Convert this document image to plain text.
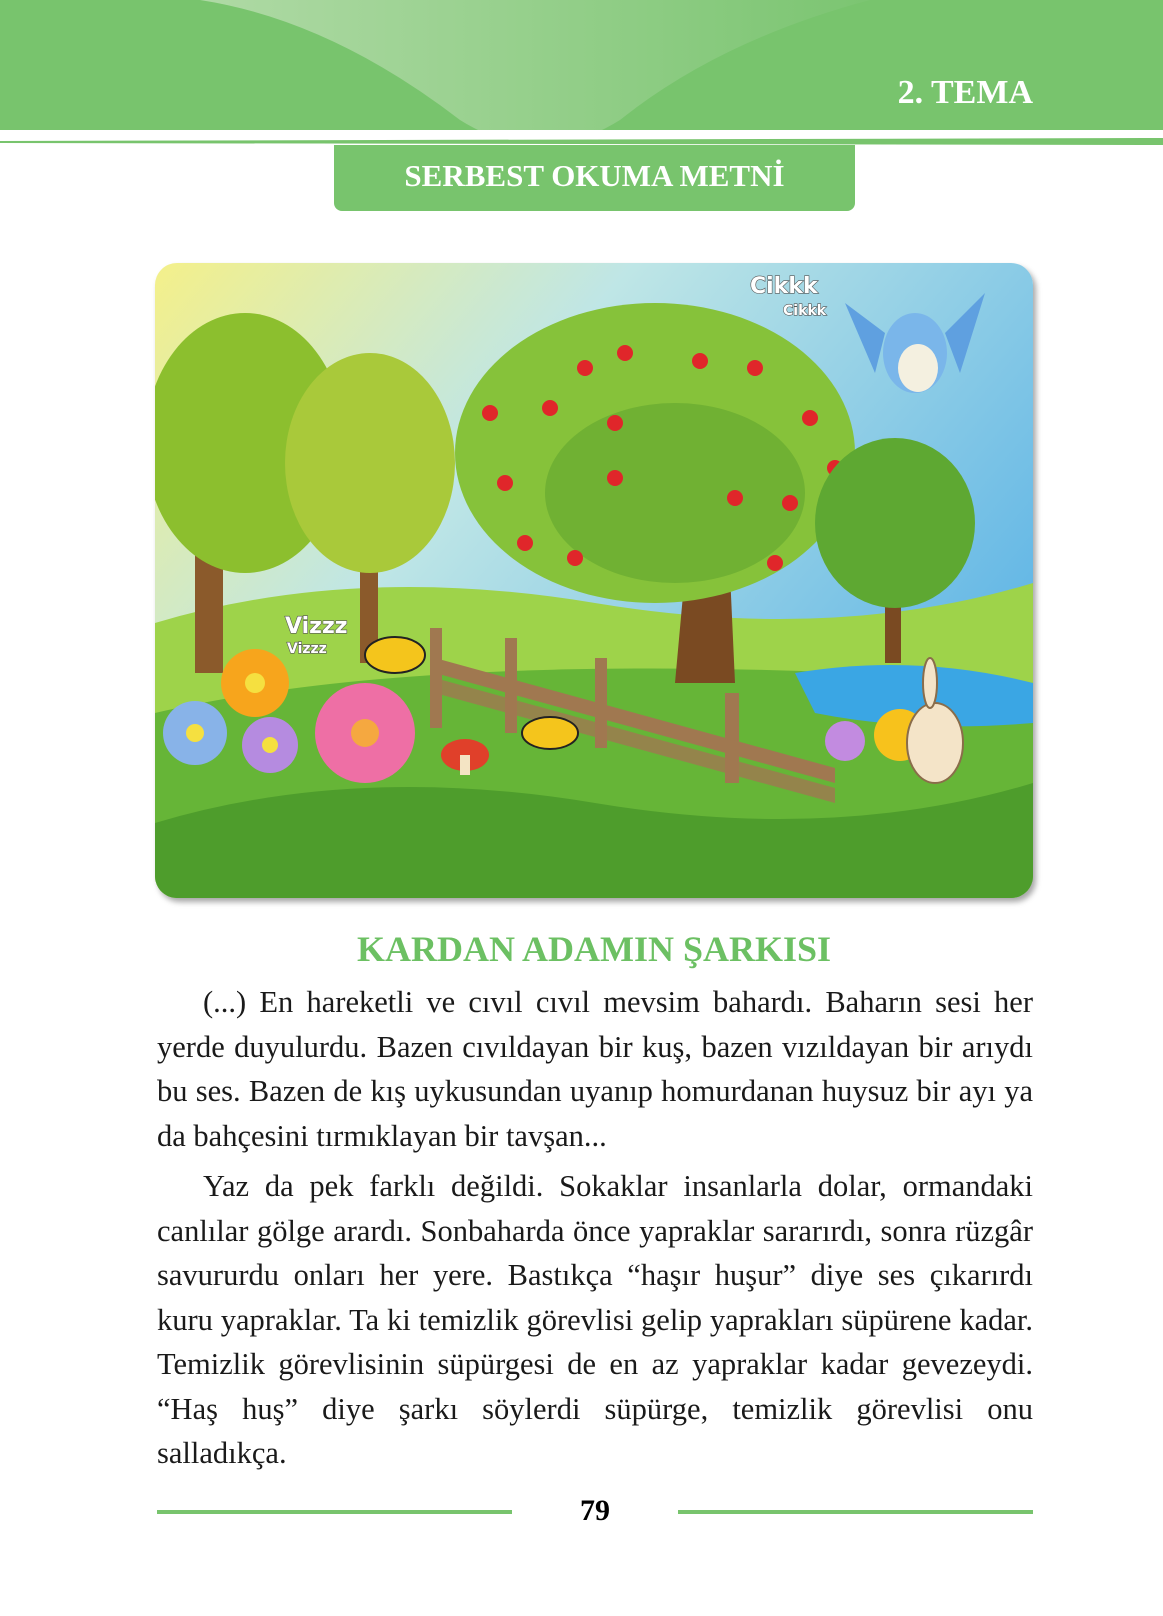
2. TEMA
SERBEST OKUMA METNİ
Cikkk
Cikkk
Vizzz
Vizzz
KARDAN ADAMIN ŞARKISI

(...) En hareketli ve cıvıl cıvıl mevsim bahardı. Baharın sesi her yerde duyulurdu. Bazen cıvıldayan bir kuş, bazen vızıldayan bir arıydı bu ses. Bazen de kış uykusundan uyanıp homurdanan huysuz bir ayı ya da bahçesini tırmıklayan bir tavşan...

Yaz da pek farklı değildi. Sokaklar insanlarla dolar, ormandaki canlılar gölge arardı. Sonbaharda önce yapraklar sararırdı, sonra rüzgâr savururdu onları her yere. Bastıkça “haşır huşur” diye ses çıkarırdı kuru yapraklar. Ta ki temizlik görevlisi gelip yaprakları süpürene kadar. Temizlik görevlisinin süpürgesi de en az yapraklar kadar gevezeydi. “Haş huş” diye şarkı söylerdi süpürge, temizlik görevlisi onu salladıkça.

79
